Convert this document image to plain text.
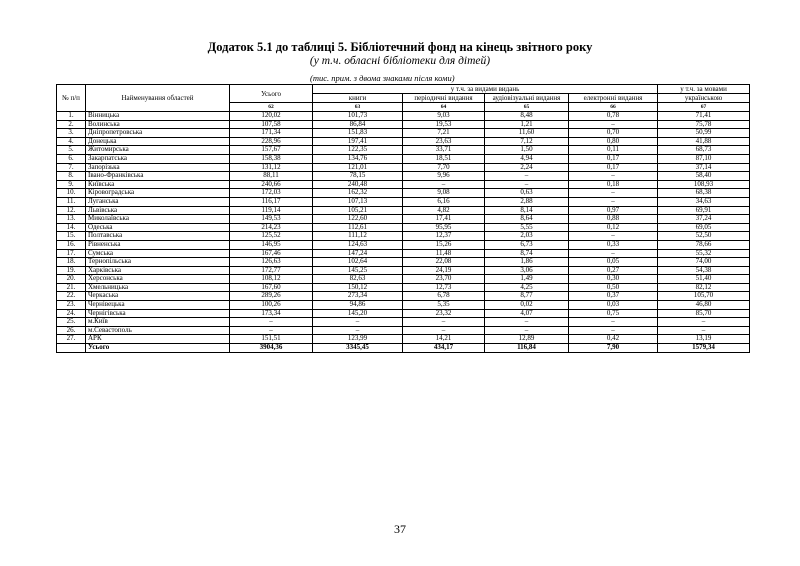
Додаток 5.1 до таблиці 5. Бібліотечний фонд на кінець звітного року
(у т.ч. обласні бібліотеки для дітей)
(тис. прим. з двома знаками після коми)
№ п/п	Найменування областей	Усього	у т.ч. за видами видань				у т.ч. за мовами
			книги	періодичні видання	аудіовізуальні видання	електронні видання	українською
		62	63	64	65	66	67
1.	Вінницька	120,02	101,73	9,03	8,48	0,78	71,41
2.	Волинська	107,58	86,84	19,53	1,21	–	75,78
3.	Дніпропетровська	171,34	151,83	7,21	11,60	0,70	50,99
4.	Донецька	228,96	197,41	23,63	7,12	0,80	41,88
5.	Житомирська	157,67	122,35	33,71	1,50	0,11	68,73
6.	Закарпатська	158,38	134,76	18,51	4,94	0,17	87,10
7.	Запорізька	131,12	121,01	7,70	2,24	0,17	37,14
8.	Івано-Франківська	88,11	78,15	9,96	–	–	58,40
9.	Київська	240,66	240,48	–	–	0,18	108,93
10.	Кіровоградська	172,03	162,32	9,08	0,63	–	68,38
11.	Луганська	116,17	107,13	6,16	2,88	–	34,63
12.	Львівська	119,14	105,21	4,82	8,14	0,97	69,91
13.	Миколаївська	149,53	122,60	17,41	8,64	0,88	37,24
14.	Одеська	214,23	112,61	95,95	5,55	0,12	69,05
15.	Полтавська	125,52	111,12	12,37	2,03	–	52,50
16.	Рівненська	146,95	124,63	15,26	6,73	0,33	78,66
17.	Сумська	167,46	147,24	11,48	8,74	–	55,32
18.	Тернопільська	126,63	102,64	22,08	1,86	0,05	74,00
19.	Харківська	172,77	145,25	24,19	3,06	0,27	54,38
20.	Херсонська	108,12	82,63	23,70	1,49	0,30	51,40
21.	Хмельницька	167,60	150,12	12,73	4,25	0,50	82,12
22.	Черкаська	289,26	273,34	6,78	8,77	0,37	105,70
23.	Чернівецька	100,26	94,86	5,35	0,02	0,03	46,80
24.	Чернігівська	173,34	145,20	23,32	4,07	0,75	85,70
25.	м.Київ	–	–	–	–	–	–
26.	м.Севастополь	–	–	–	–	–	–
27.	АРК	151,51	123,99	14,21	12,89	0,42	13,19
	Усього	3904,36	3345,45	434,17	116,84	7,90	1579,34
37
